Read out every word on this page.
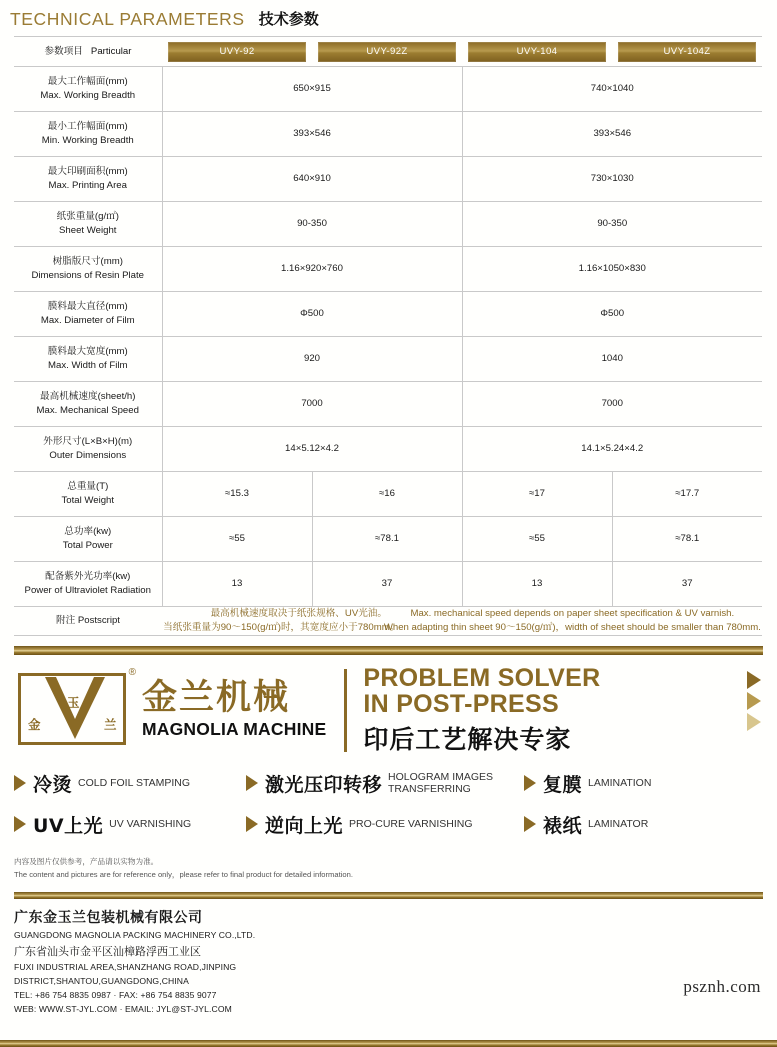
TECHNICAL PARAMETERS 技术参数
参数项目 Particular	UVY-92	UVY-92Z	UVY-104	UVY-104Z

最大工作幅面(mm)
Max. Working Breadth	650×915		740×1040	

最小工作幅面(mm)
Min. Working Breadth	393×546		393×546	

最大印刷面积(mm)
Max. Printing Area	640×910		730×1030	

纸张重量(g/㎡)
Sheet Weight	90-350		90-350	

树脂版尺寸(mm)
Dimensions of Resin Plate	1.16×920×760		1.16×1050×830	

膜料最大直径(mm)
Max. Diameter of Film	Φ500		Φ500	

膜料最大宽度(mm)
Max. Width of Film	920		1040	

最高机械速度(sheet/h)
Max. Mechanical Speed	7000		7000	

外形尺寸(L×B×H)(m)
Outer Dimensions	14×5.12×4.2		14.1×5.24×4.2	

总重量(T)
Total Weight	≈15.3	≈16	≈17	≈17.7

总功率(kw)
Total Power	≈55	≈78.1	≈55	≈78.1

配备紫外光功率(kw)
Power of Ultraviolet Radiation	13	37	13	37
附注 Postscript	最高机械速度取决于纸张规格、UV光油。 Max. mechanical speed depends on paper sheet specification & UV varnish.
当纸张重量为90～150(g/㎡)时，其宽度应小于780mm。 When adapting thin sheet 90～150(g/㎡)，width of sheet should be smaller than 780mm.			
金
玉
兰
®
金兰机械
MAGNOLIA MACHINE
PROBLEM SOLVER
IN POST-PRESS
印后工艺解决专家
冷烫 COLD FOIL STAMPING	激光压印转移 HOLOGRAM IMAGES TRANSFERRING	复膜 LAMINATION
UV上光 UV VARNISHING	逆向上光 PRO-CURE VARNISHING	裱纸 LAMINATOR
内容及图片仅供参考，产品请以实物为准。
The content and pictures are for reference only，please refer to final product for detailed information.
广东金玉兰包装机械有限公司
GUANGDONG MAGNOLIA PACKING MACHINERY CO.,LTD.
广东省汕头市金平区汕樟路浮西工业区
FUXI INDUSTRIAL AREA,SHANZHANG ROAD,JINPING
DISTRICT,SHANTOU,GUANGDONG,CHINA
TEL: +86 754 8835 0987 · FAX: +86 754 8835 9077
WEB: WWW.ST-JYL.COM · EMAIL: JYL@ST-JYL.COM
psznh.com
